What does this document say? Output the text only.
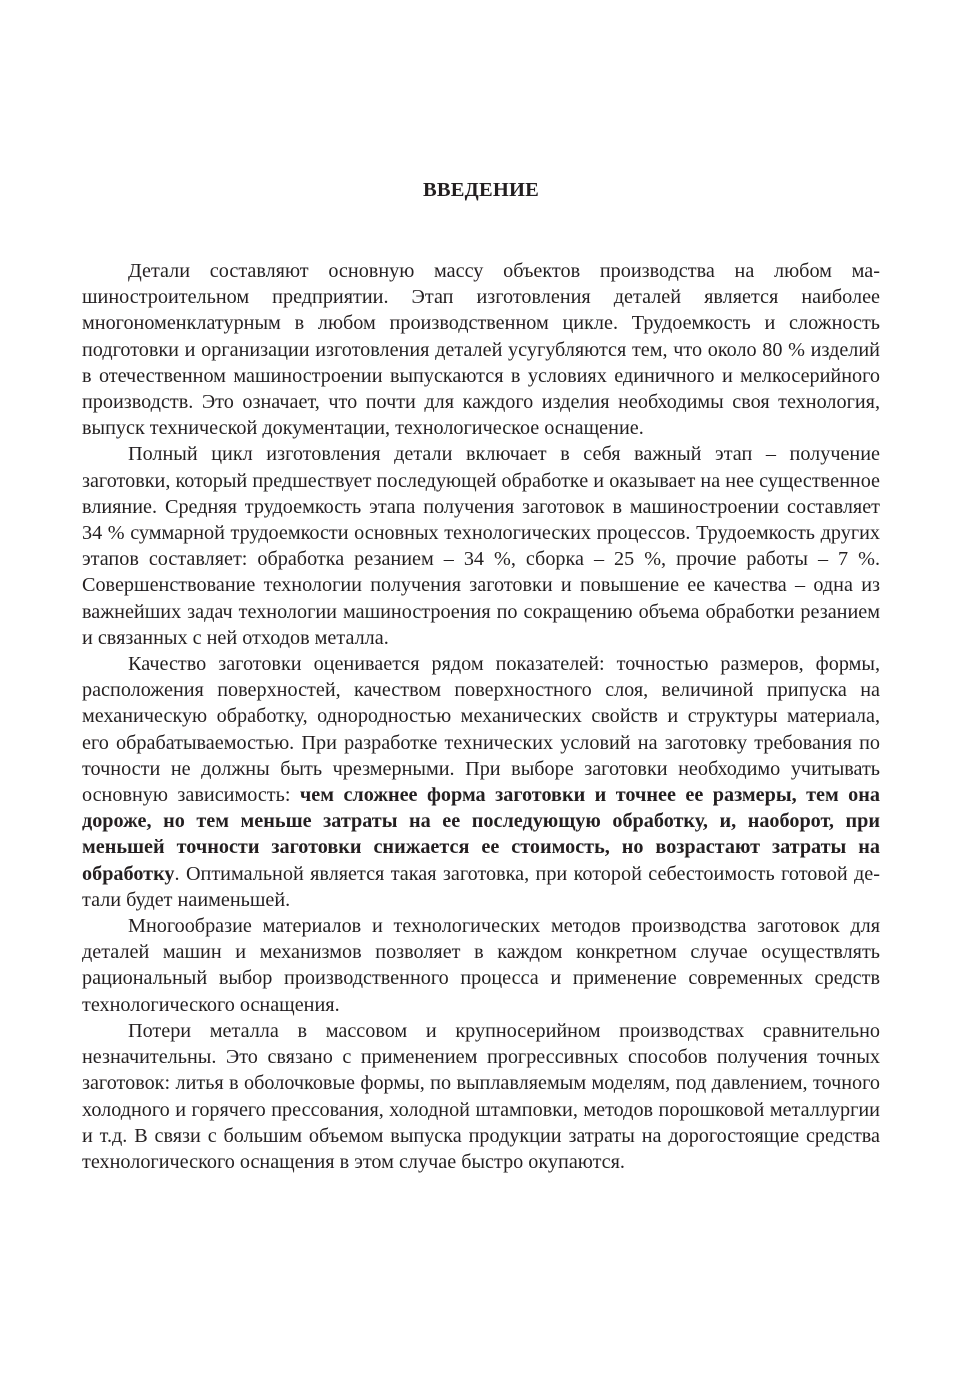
ВВЕДЕНИЕ

Детали составляют основную массу объектов производства на любом машиностроительном предприятии. Этап изготовления деталей является наиболее многономенклатурным в любом производственном цикле. Трудоемкость и сложность подготовки и организации изготовления деталей усугубляются тем, что около 80 % изделий в отечественном машиностроении выпускаются в условиях единичного и мелкосерийного производств. Это означает, что почти для каждого изделия необходимы своя технология, выпуск технической документации, технологическое оснащение.

Полный цикл изготовления детали включает в себя важный этап – получение заготовки, который предшествует последующей обработке и оказывает на нее существенное влияние. Средняя трудоемкость этапа получения заготовок в машиностроении составляет 34 % суммарной трудоемкости основных технологических процессов. Трудоемкость других этапов составляет: обработка резанием – 34 %, сборка – 25 %, прочие работы – 7 %. Совершенствование технологии получения заготовки и повышение ее качества – одна из важнейших задач технологии машиностроения по сокращению объема обработки резанием и связанных с ней отходов металла.

Качество заготовки оценивается рядом показателей: точностью размеров, формы, расположения поверхностей, качеством поверхностного слоя, величиной припуска на механическую обработку, однородностью механических свойств и структуры материала, его обрабатываемостью. При разработке технических условий на заготовку требования по точности не должны быть чрезмерными. При выборе заготовки необходимо учитывать основную зависимость: чем сложнее форма заготовки и точнее ее размеры, тем она дороже, но тем меньше затраты на ее последующую обработку, и, наоборот, при меньшей точности заготовки снижается ее стоимость, но возрастают затраты на обработку. Оптимальной является такая заготовка, при которой себестоимость готовой детали будет наименьшей.

Многообразие материалов и технологических методов производства заготовок для деталей машин и механизмов позволяет в каждом конкретном случае осуществлять рациональный выбор производственного процесса и применение современных средств технологического оснащения.

Потери металла в массовом и крупносерийном производствах сравнительно незначительны. Это связано с применением прогрессивных способов получения точных заготовок: литья в оболочковые формы, по выплавляемым моделям, под давлением, точного холодного и горячего прессования, холодной штамповки, методов порошковой металлургии и т.д. В связи с большим объемом выпуска продукции затраты на дорогостоящие средства технологического оснащения в этом случае быстро окупаются.
